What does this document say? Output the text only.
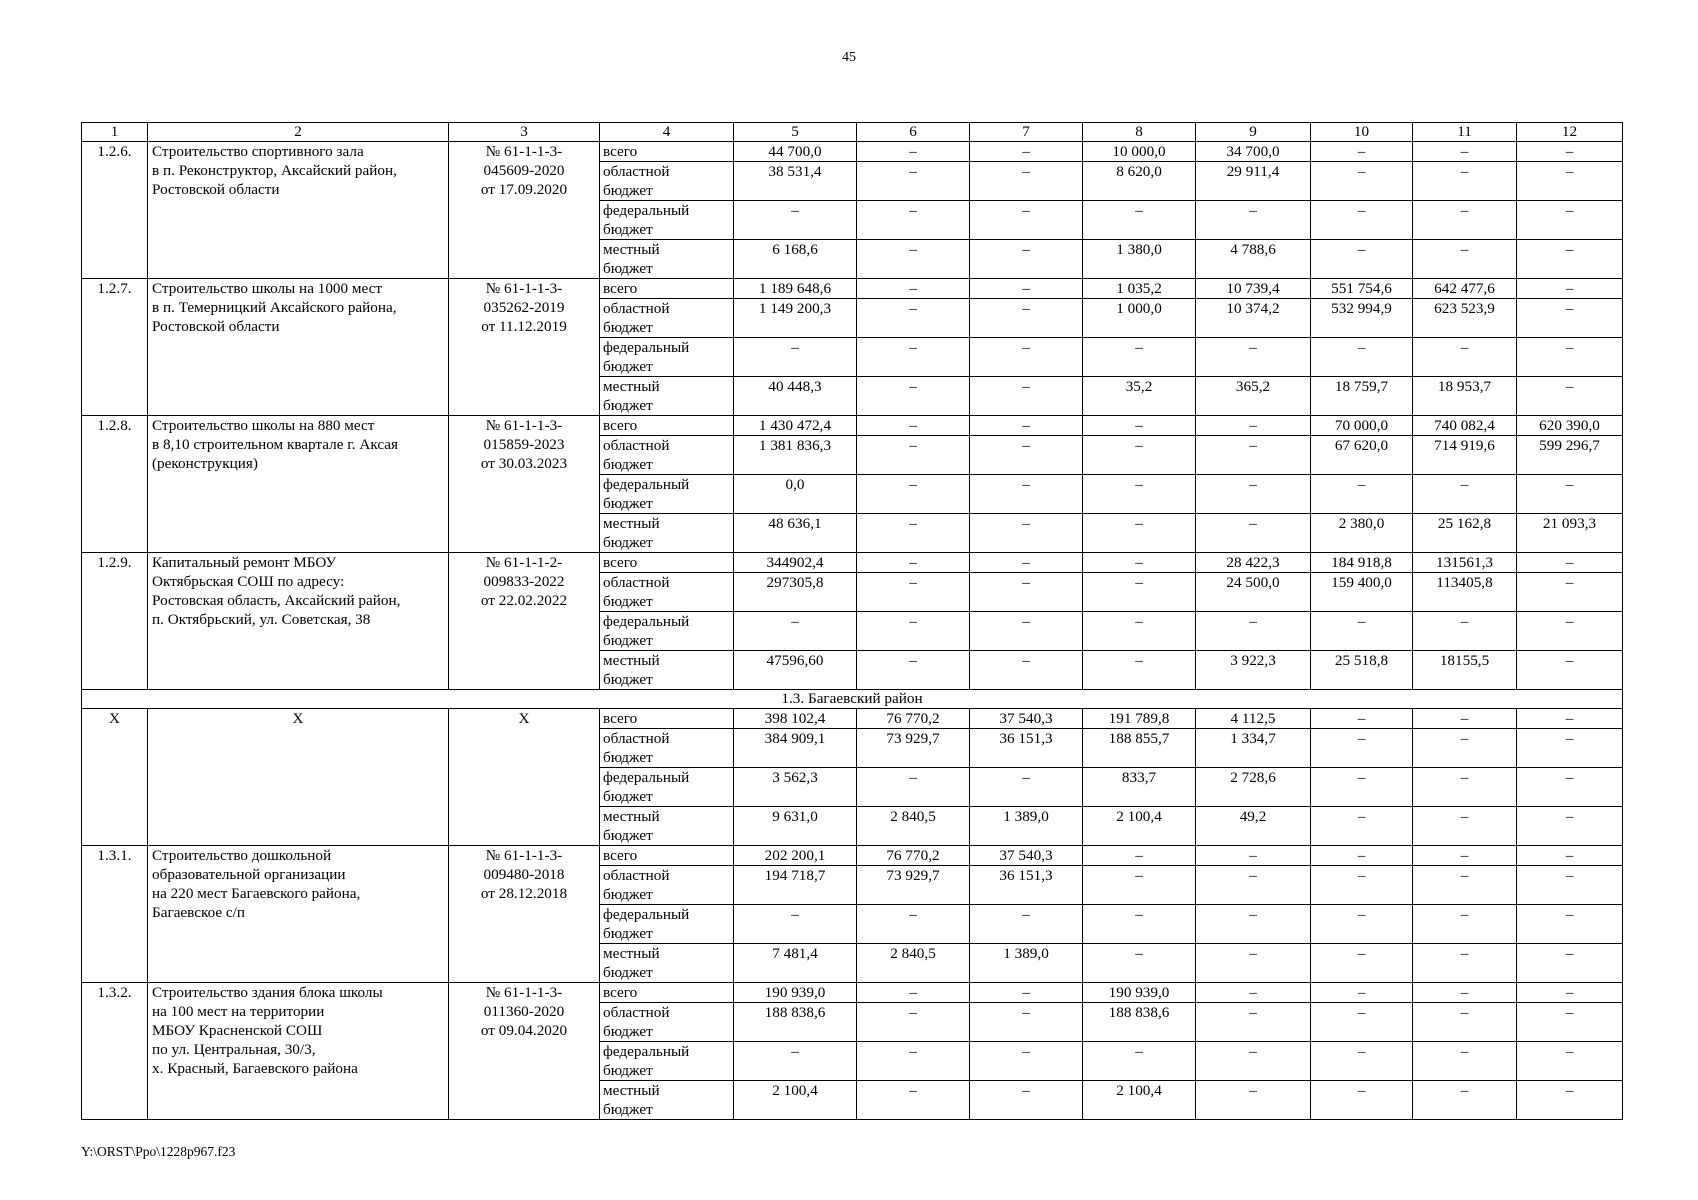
45
1	2	3	4	5	6	7	8	9	10	11	12
1.2.6.	Строительство спортивного зала
в п. Реконструктор, Аксайский район,
Ростовской области	№ 61-1-1-3-
045609-2020
от 17.09.2020	всего	44 700,0	–	–	10 000,0	34 700,0	–	–	–

			областной
бюджет	38 531,4	–	–	8 620,0	29 911,4	–	–	–

			федеральный
бюджет	–	–	–	–	–	–	–	–

			местный
бюджет	6 168,6	–	–	1 380,0	4 788,6	–	–	–
1.2.7.	Строительство школы на 1000 мест
в п. Темерницкий Аксайского района,
Ростовской области	№ 61-1-1-3-
035262-2019
от 11.12.2019	всего	1 189 648,6	–	–	1 035,2	10 739,4	551 754,6	642 477,6	–

			областной
бюджет	1 149 200,3	–	–	1 000,0	10 374,2	532 994,9	623 523,9	–

			федеральный
бюджет	–	–	–	–	–	–	–	–

			местный
бюджет	40 448,3	–	–	35,2	365,2	18 759,7	18 953,7	–
1.2.8.	Строительство школы на 880 мест
в 8,10 строительном квартале г. Аксая
(реконструкция)	№ 61-1-1-3-
015859-2023
от 30.03.2023	всего	1 430 472,4	–	–	–	–	70 000,0	740 082,4	620 390,0

			областной
бюджет	1 381 836,3	–	–	–	–	67 620,0	714 919,6	599 296,7

			федеральный
бюджет	0,0	–	–	–	–	–	–	–

			местный
бюджет	48 636,1	–	–	–	–	2 380,0	25 162,8	21 093,3
1.2.9.	Капитальный ремонт МБОУ
Октябрьская СОШ по адресу:
Ростовская область, Аксайский район,
п. Октябрьский, ул. Советская, 38	№ 61-1-1-2-
009833-2022
от 22.02.2022	всего	344902,4	–	–	–	28 422,3	184 918,8	131561,3	–

			областной
бюджет	297305,8	–	–	–	24 500,0	159 400,0	113405,8	–

			федеральный
бюджет	–	–	–	–	–	–	–	–

			местный
бюджет	47596,60	–	–	–	3 922,3	25 518,8	18155,5	–
1.3. Багаевский район											
Х	Х	Х	всего	398 102,4	76 770,2	37 540,3	191 789,8	4 112,5	–	–	–

			областной
бюджет	384 909,1	73 929,7	36 151,3	188 855,7	1 334,7	–	–	–

			федеральный
бюджет	3 562,3	–	–	833,7	2 728,6	–	–	–

			местный
бюджет	9 631,0	2 840,5	1 389,0	2 100,4	49,2	–	–	–
1.3.1.	Строительство дошкольной
образовательной организации
на 220 мест Багаевского района,
Багаевское с/п	№ 61-1-1-3-
009480-2018
от 28.12.2018	всего	202 200,1	76 770,2	37 540,3	–	–	–	–	–

			областной
бюджет	194 718,7	73 929,7	36 151,3	–	–	–	–	–

			федеральный
бюджет	–	–	–	–	–	–	–	–

			местный
бюджет	7 481,4	2 840,5	1 389,0	–	–	–	–	–
1.3.2.	Строительство здания блока школы
на 100 мест на территории
МБОУ Красненской СОШ
по ул. Центральная, 30/3,
х. Красный, Багаевского района	№ 61-1-1-3-
011360-2020
от 09.04.2020	всего	190 939,0	–	–	190 939,0	–	–	–	–

			областной
бюджет	188 838,6	–	–	188 838,6	–	–	–	–

			федеральный
бюджет	–	–	–	–	–	–	–	–

			местный
бюджет	2 100,4	–	–	2 100,4	–	–	–	–
Y:\ORST\Ppo\1228p967.f23
